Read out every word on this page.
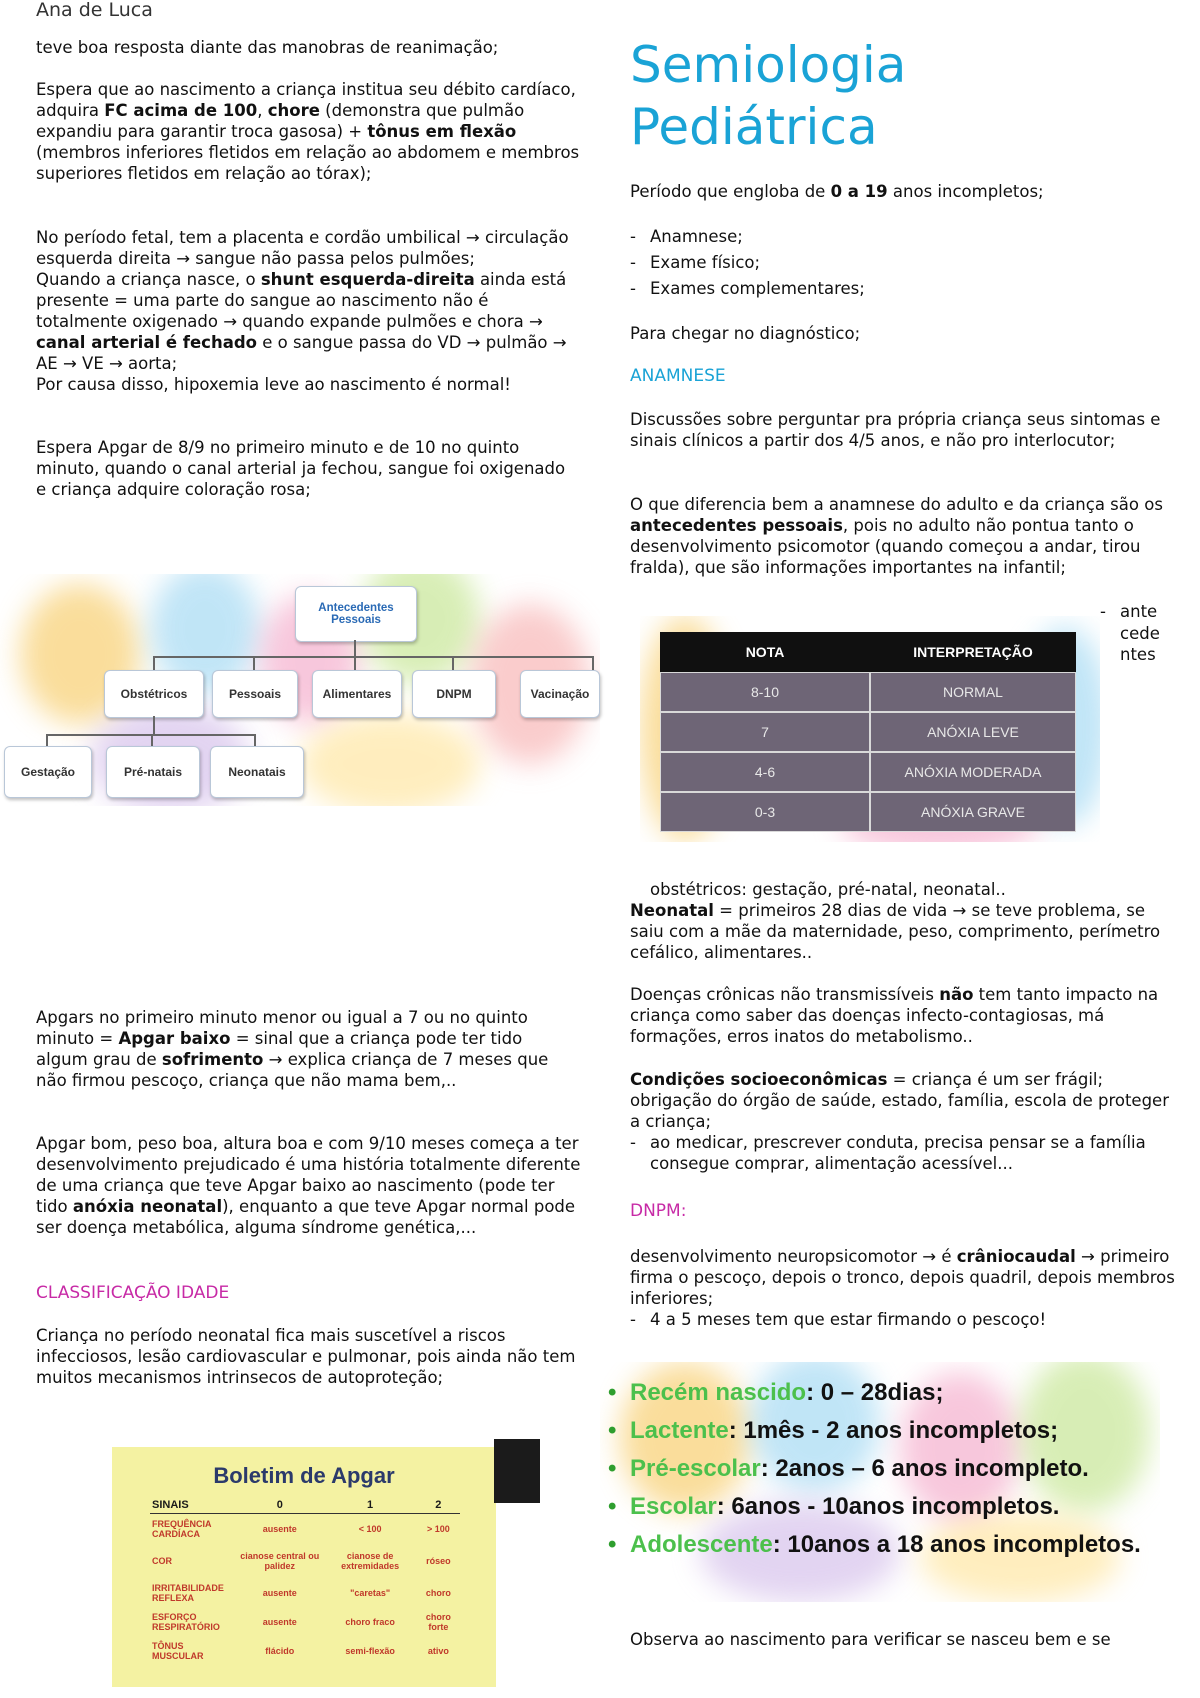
Ana de Luca

teve boa resposta diante das manobras de reanimação;

Espera que ao nascimento a criança institua seu débito cardíaco, adquira FC acima de 100, chore (demonstra que pulmão expandiu para garantir troca gasosa) + tônus em flexão (membros inferiores fletidos em relação ao abdomem e membros superiores fletidos em relação ao tórax);

No período fetal, tem a placenta e cordão umbilical → circulação esquerda direita → sangue não passa pelos pulmões;
Quando a criança nasce, o shunt esquerda-direita ainda está presente = uma parte do sangue ao nascimento não é totalmente oxigenado → quando expande pulmões e chora → canal arterial é fechado e o sangue passa do VD → pulmão → AE → VE → aorta;
Por causa disso, hipoxemia leve ao nascimento é normal!

Espera Apgar de 8/9 no primeiro minuto e de 10 no quinto minuto, quando o canal arterial ja fechou, sangue foi oxigenado e criança adquire coloração rosa;

Antecedentes Pessoais
Obstétricos	Pessoais	Alimentares	DNPM	Vacinação
Gestação	Pré-natais	Neonatais

Apgars no primeiro minuto menor ou igual a 7 ou no quinto minuto = Apgar baixo = sinal que a criança pode ter tido algum grau de sofrimento → explica criança de 7 meses que não firmou pescoço, criança que não mama bem,..

Apgar bom, peso boa, altura boa e com 9/10 meses começa a ter desenvolvimento prejudicado é uma história totalmente diferente de uma criança que teve Apgar baixo ao nascimento (pode ter tido anóxia neonatal), enquanto a que teve Apgar normal pode ser doença metabólica, alguma síndrome genética,...

CLASSIFICAÇÃO IDADE

Criança no período neonatal fica mais suscetível a riscos infecciosos, lesão cardiovascular e pulmonar, pois ainda não tem muitos mecanismos intrinsecos de autoproteção;

Boletim de Apgar
SINAIS	0	1	2
FREQUÊNCIA CARDÍACA	ausente	< 100	> 100
COR	cianose central ou palidez	cianose de extremidades	róseo
IRRITABILIDADE REFLEXA	ausente	"caretas"	choro
ESFORÇO RESPIRATÓRIO	ausente	choro fraco	choro forte
TÔNUS MUSCULAR	flácido	semi-flexão	ativo
Semiologia
Pediátrica

Período que engloba de 0 a 19 anos incompletos;

- Anamnese;
- Exame físico;
- Exames complementares;

Para chegar no diagnóstico;

ANAMNESE

Discussões sobre perguntar pra própria criança seus sintomas e sinais clínicos a partir dos 4/5 anos, e não pro interlocutor;

O que diferencia bem a anamnese do adulto e da criança são os antecedentes pessoais, pois no adulto não pontua tanto o desenvolvimento psicomotor (quando começou a andar, tirou fralda), que são informações importantes na infantil;

- ante

cede

ntes

NOTA	INTERPRETAÇÃO
8-10	NORMAL
7	ANÓXIA LEVE
4-6	ANÓXIA MODERADA
0-3	ANÓXIA GRAVE

obstétricos: gestação, pré-natal, neonatal..

Neonatal = primeiros 28 dias de vida → se teve problema, se saiu com a mãe da maternidade, peso, comprimento, perímetro cefálico, alimentares..

Doenças crônicas não transmissíveis não tem tanto impacto na criança como saber das doenças infecto-contagiosas, má formações, erros inatos do metabolismo..

Condições socioeconômicas = criança é um ser frágil; obrigação do órgão de saúde, estado, família, escola de proteger a criança;

- ao medicar, prescrever conduta, precisa pensar se a família consegue comprar, alimentação acessível...

DNPM:

desenvolvimento neuropsicomotor → é crâniocaudal → primeiro firma o pescoço, depois o tronco, depois quadril, depois membros inferiores;

- 4 a 5 meses tem que estar firmando o pescoço!
• Recém nascido: 0 – 28dias;
• Lactente: 1mês - 2 anos incompletos;
• Pré-escolar: 2anos – 6 anos incompleto.
• Escolar: 6anos - 10anos incompletos.
• Adolescente: 10anos a 18 anos incompletos.

Observa ao nascimento para verificar se nasceu bem e se
